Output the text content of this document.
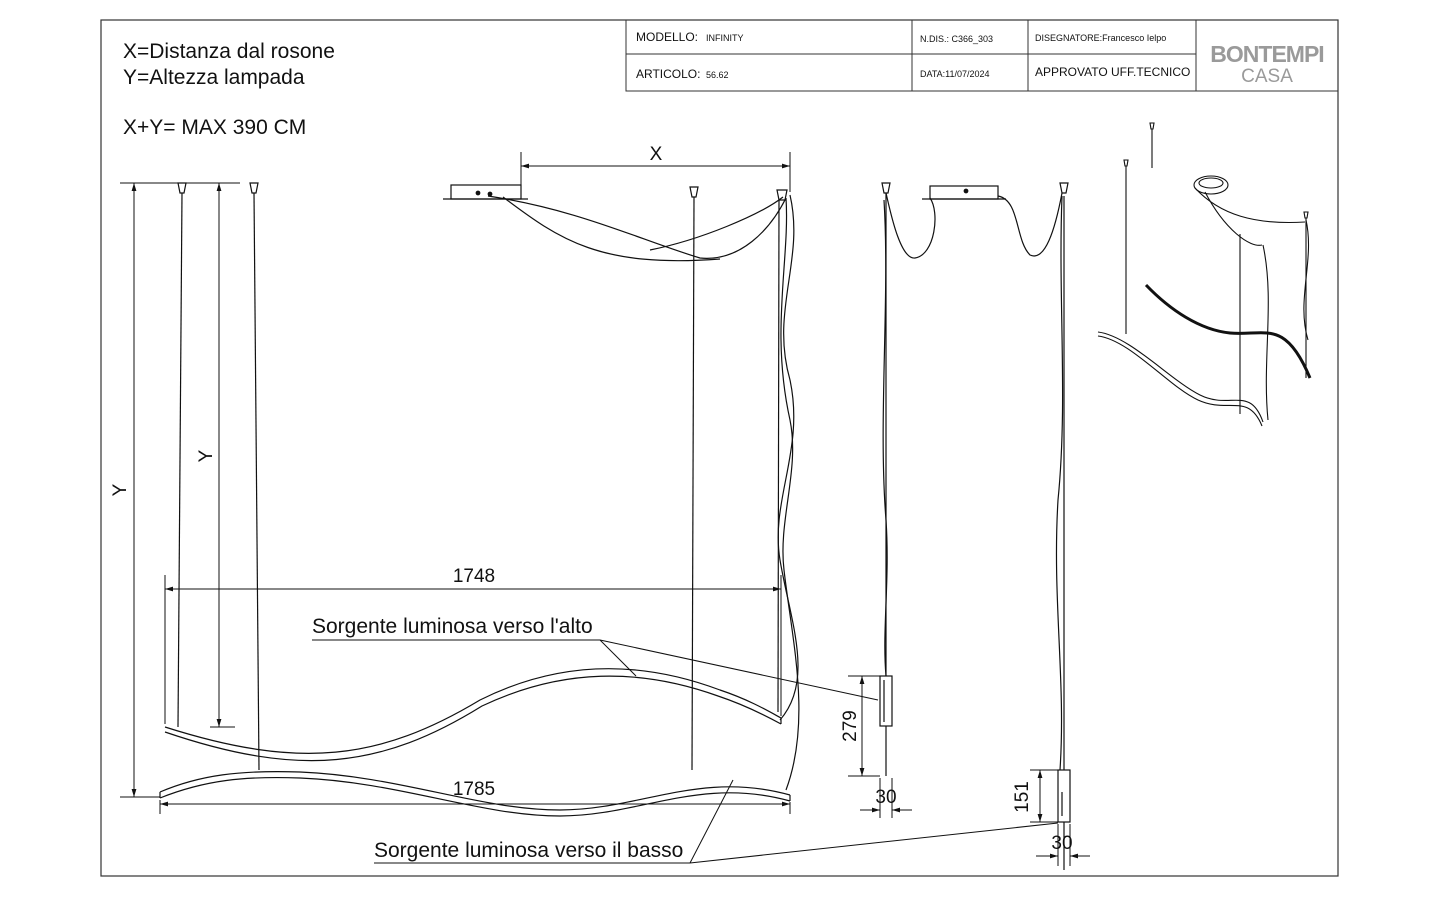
MODELLO: INFINITY	N.DIS.: C366_303	DISEGNATORE:Francesco Ielpo
ARTICOLO: 56.62	DATA:11/07/2024	APPROVATO UFF.TECNICO
BONTEMPI
CASA
X=Distanza dal rosone
Y=Altezza lampada
X+Y= MAX 390 CM
X
Y
Y
1748
1785
279
30	151
30
Sorgente luminosa verso l'alto
Sorgente luminosa verso il basso
